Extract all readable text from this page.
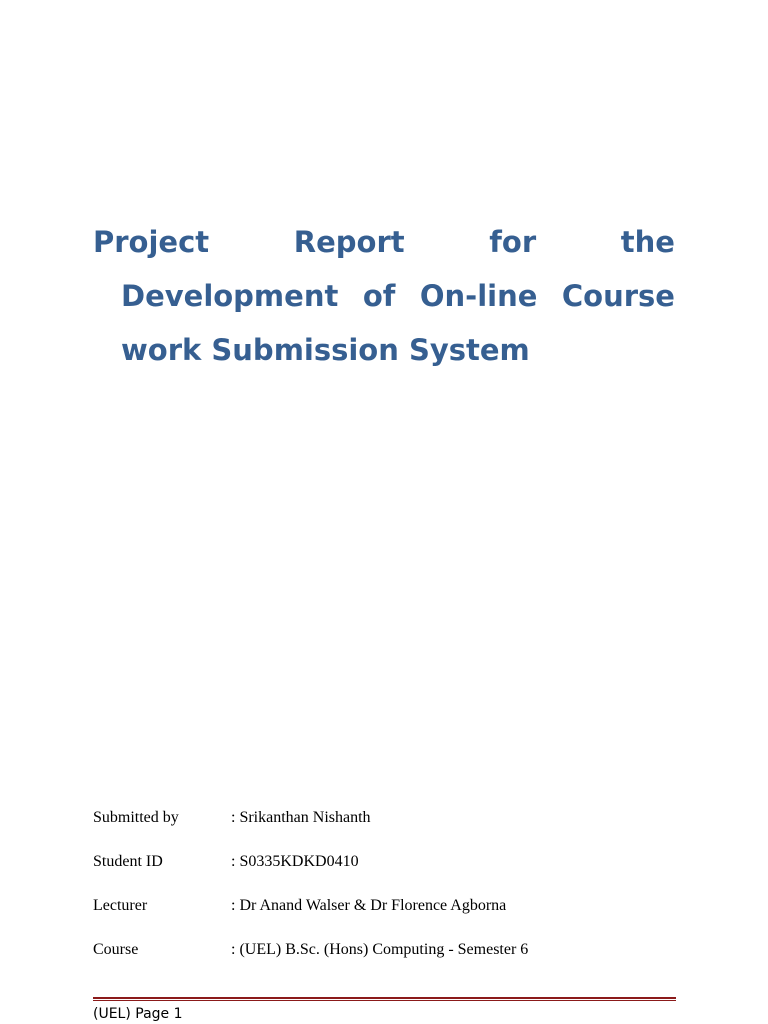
Project	Report	for	the
Development of On-line Course
work Submission System
Submitted by	: Srikanthan Nishanth
Student ID	: S0335KDKD0410
Lecturer	: Dr Anand Walser & Dr Florence Agborna
Course	: (UEL) B.Sc. (Hons) Computing - Semester 6
(UEL) Page 1
